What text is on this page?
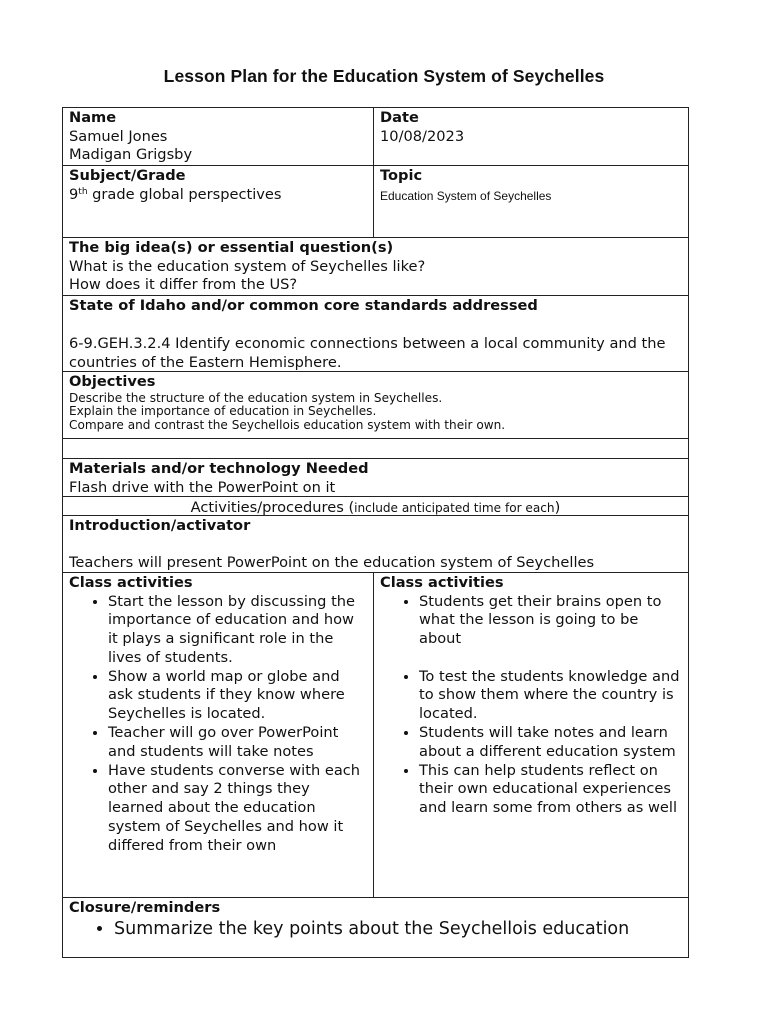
Lesson Plan for the Education System of Seychelles
Name
Samuel Jones
Madigan Grigsby
Date
10/08/2023
Subject/Grade
9th grade global perspectives
Topic
Education System of Seychelles
The big idea(s) or essential question(s)
What is the education system of Seychelles like?
How does it differ from the US?
State of Idaho and/or common core standards addressed
6-9.GEH.3.2.4 Identify economic connections between a local community and the countries of the Eastern Hemisphere.
Objectives
Describe the structure of the education system in Seychelles.
Explain the importance of education in Seychelles.
Compare and contrast the Seychellois education system with their own.
Materials and/or technology Needed
Flash drive with the PowerPoint on it
Activities/procedures (include anticipated time for each)
Introduction/activator
Teachers will present PowerPoint on the education system of Seychelles
Class activities
• Start the lesson by discussing the importance of education and how it plays a significant role in the lives of students.
• Show a world map or globe and ask students if they know where Seychelles is located.
• Teacher will go over PowerPoint and students will take notes
• Have students converse with each other and say 2 things they learned about the education system of Seychelles and how it differed from their own
Class activities
• Students get their brains open to what the lesson is going to be about
• To test the students knowledge and to show them where the country is located.
• Students will take notes and learn about a different education system
• This can help students reflect on their own educational experiences and learn some from others as well
Closure/reminders
• Summarize the key points about the Seychellois education
